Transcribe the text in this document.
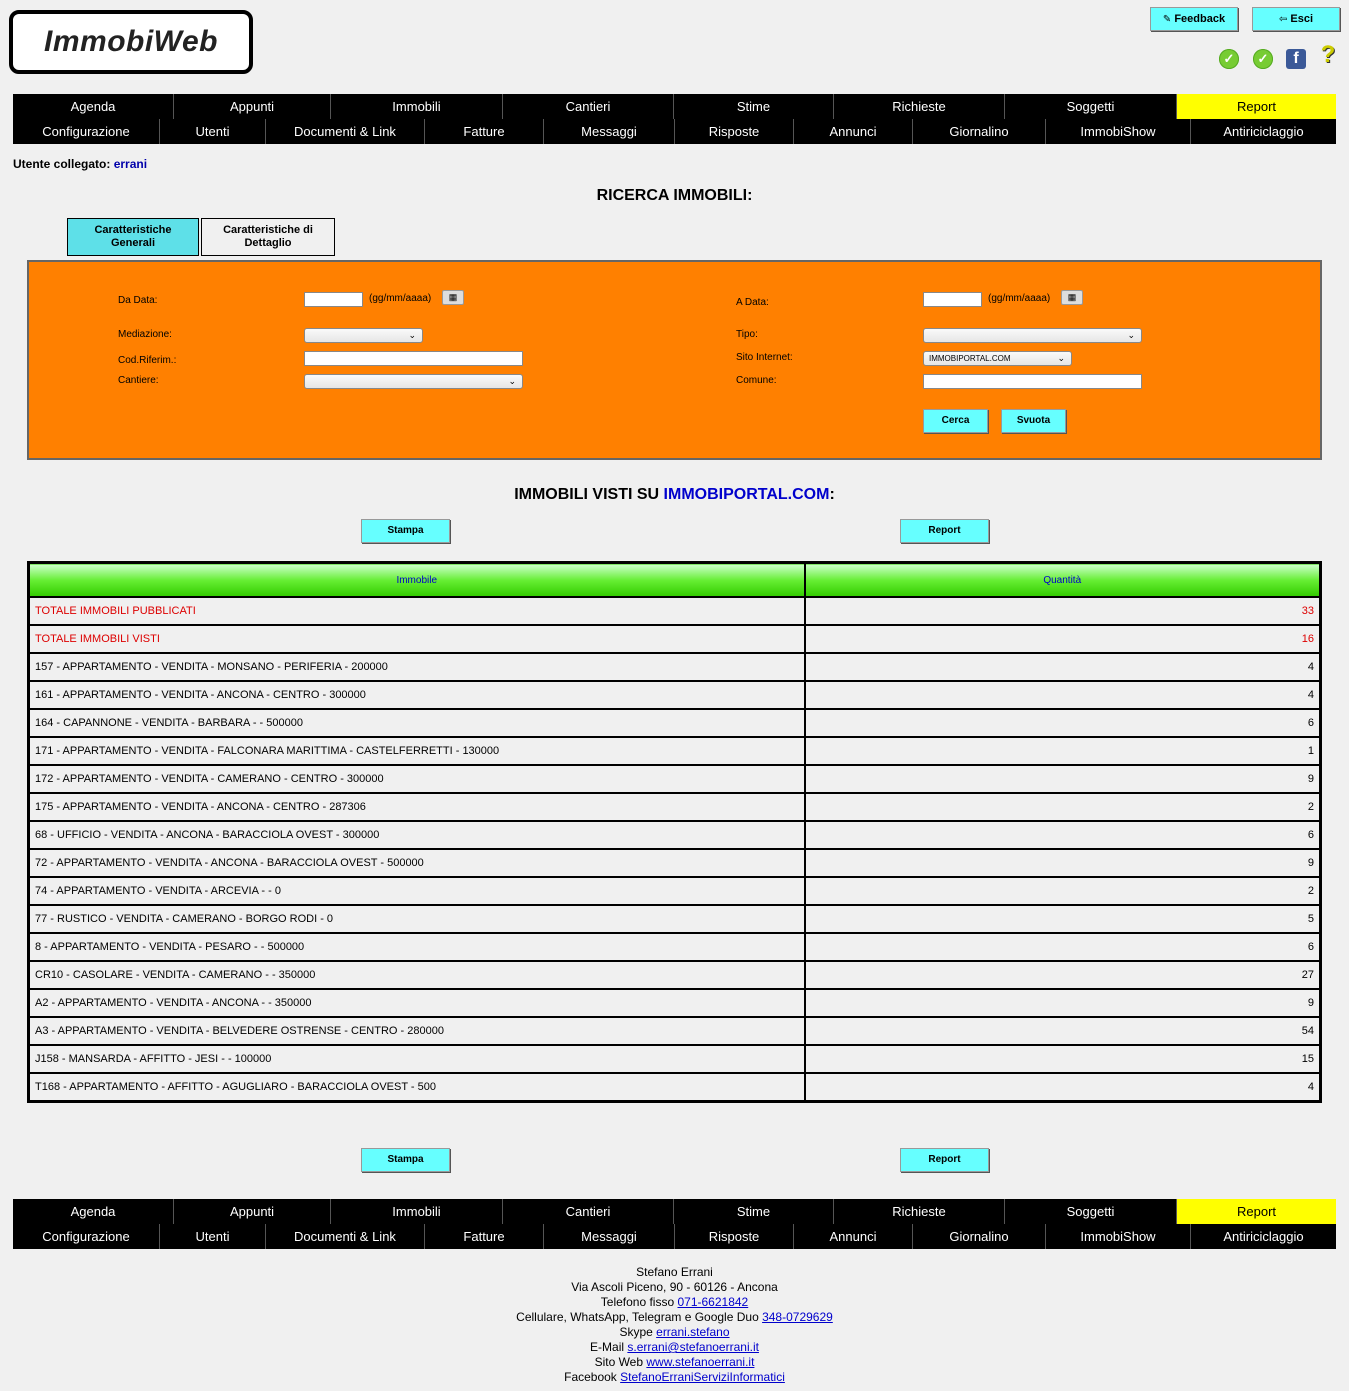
ImmobiWeb
✎ Feedback	⇦ Esci
✓	✓	f ?
Agenda	Appunti	Immobili	Cantieri	Stime	Richieste	Soggetti	Report
Configurazione	Utenti	Documenti & Link	Fatture	Messaggi	Risposte	Annunci	Giornalino	ImmobiShow	Antiriciclaggio
Utente collegato: errani
RICERCA IMMOBILI:
Caratteristiche Generali
Caratteristiche di Dettaglio
Da Data:	(gg/mm/aaaa)	▦	A Data:	(gg/mm/aaaa)	▦
Mediazione:	⌄	Tipo:	⌄
Cod.Riferim.:	Sito Internet:	IMMOBIPORTAL.COM	⌄
Cantiere:	⌄	Comune:
Cerca	Svuota
IMMOBILI VISTI SU IMMOBIPORTAL.COM:
Stampa	Report
Immobile	Quantità
TOTALE IMMOBILI PUBBLICATI	33
TOTALE IMMOBILI VISTI	16
157 - APPARTAMENTO - VENDITA - MONSANO - PERIFERIA - 200000	4
161 - APPARTAMENTO - VENDITA - ANCONA - CENTRO - 300000	4
164 - CAPANNONE - VENDITA - BARBARA - - 500000	6
171 - APPARTAMENTO - VENDITA - FALCONARA MARITTIMA - CASTELFERRETTI - 130000	1
172 - APPARTAMENTO - VENDITA - CAMERANO - CENTRO - 300000	9
175 - APPARTAMENTO - VENDITA - ANCONA - CENTRO - 287306	2
68 - UFFICIO - VENDITA - ANCONA - BARACCIOLA OVEST - 300000	6
72 - APPARTAMENTO - VENDITA - ANCONA - BARACCIOLA OVEST - 500000	9
74 - APPARTAMENTO - VENDITA - ARCEVIA - - 0	2
77 - RUSTICO - VENDITA - CAMERANO - BORGO RODI - 0	5
8 - APPARTAMENTO - VENDITA - PESARO - - 500000	6
CR10 - CASOLARE - VENDITA - CAMERANO - - 350000	27
A2 - APPARTAMENTO - VENDITA - ANCONA - - 350000	9
A3 - APPARTAMENTO - VENDITA - BELVEDERE OSTRENSE - CENTRO - 280000	54
J158 - MANSARDA - AFFITTO - JESI - - 100000	15
T168 - APPARTAMENTO - AFFITTO - AGUGLIARO - BARACCIOLA OVEST - 500	4
Stampa	Report
Agenda	Appunti	Immobili	Cantieri	Stime	Richieste	Soggetti	Report
Configurazione	Utenti	Documenti & Link	Fatture	Messaggi	Risposte	Annunci	Giornalino	ImmobiShow	Antiriciclaggio
Stefano Errani
Via Ascoli Piceno, 90 - 60126 - Ancona
Telefono fisso 071-6621842
Cellulare, WhatsApp, Telegram e Google Duo 348-0729629
Skype errani.stefano
E-Mail s.errani@stefanoerrani.it
Sito Web www.stefanoerrani.it
Facebook StefanoErraniServiziInformatici
